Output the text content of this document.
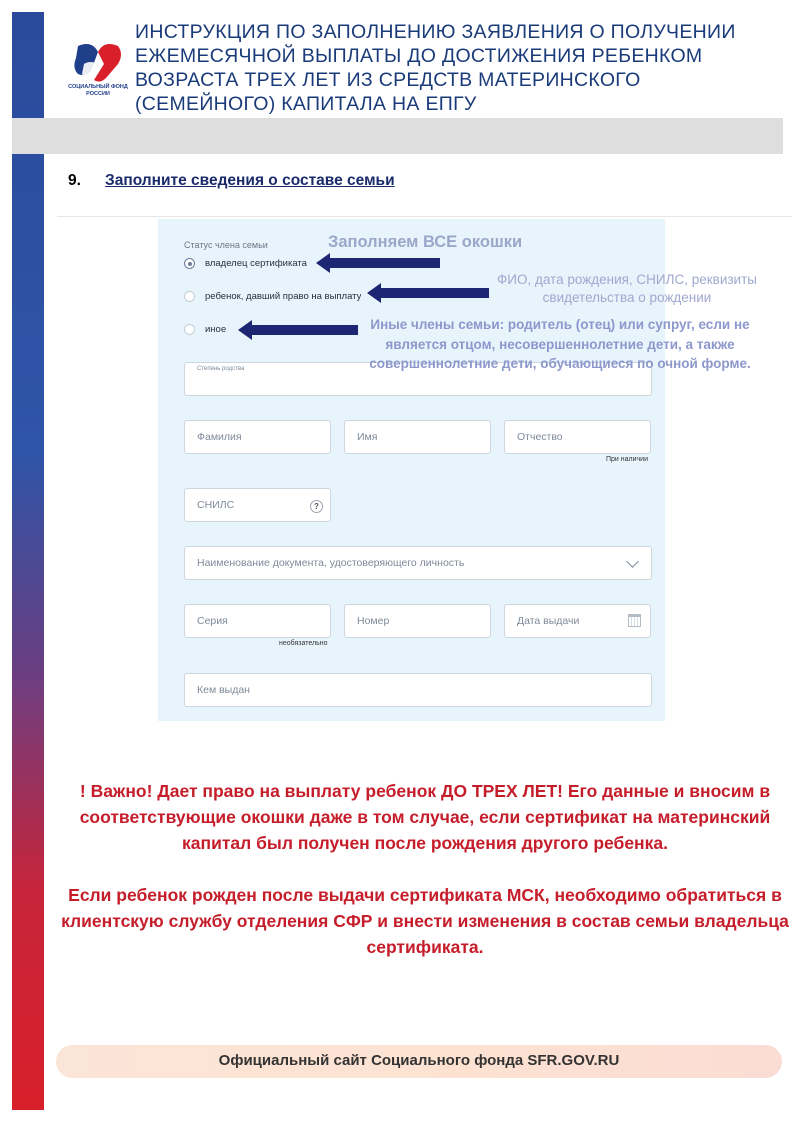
СОЦИАЛЬНЫЙ ФОНД РОССИИ
ИНСТРУКЦИЯ ПО ЗАПОЛНЕНИЮ ЗАЯВЛЕНИЯ О ПОЛУЧЕНИИ ЕЖЕМЕСЯЧНОЙ ВЫПЛАТЫ ДО ДОСТИЖЕНИЯ РЕБЕНКОМ ВОЗРАСТА ТРЕХ ЛЕТ ИЗ СРЕДСТВ МАТЕРИНСКОГО (СЕМЕЙНОГО) КАПИТАЛА НА ЕПГУ
9. Заполните сведения о составе семьи
Статус члена семьи
владелец сертификата
ребенок, давший право на выплату
иное
Степень родства
Фамилия	Имя	Отчество
При наличии
СНИЛС	?
Наименование документа, удостоверяющего личность
Серия
необязательно
Номер	Дата выдачи
Кем выдан
Заполняем ВСЕ окошки
ФИО, дата рождения, СНИЛС, реквизиты свидетельства о рождении
Иные члены семьи: родитель (отец) или супруг, если не является отцом, несовершеннолетние дети, а также совершеннолетние дети, обучающиеся по очной форме.

! Важно! Дает право на выплату ребенок ДО ТРЕХ ЛЕТ! Его данные и вносим в соответствующие окошки даже в том случае, если сертификат на материнский капитал был получен после рождения другого ребенка.

Если ребенок рожден после выдачи сертификата МСК, необходимо обратиться в клиентскую службу отделения СФР и внести изменения в состав семьи владельца сертификата.

Официальный сайт Социального фонда SFR.GOV.RU
